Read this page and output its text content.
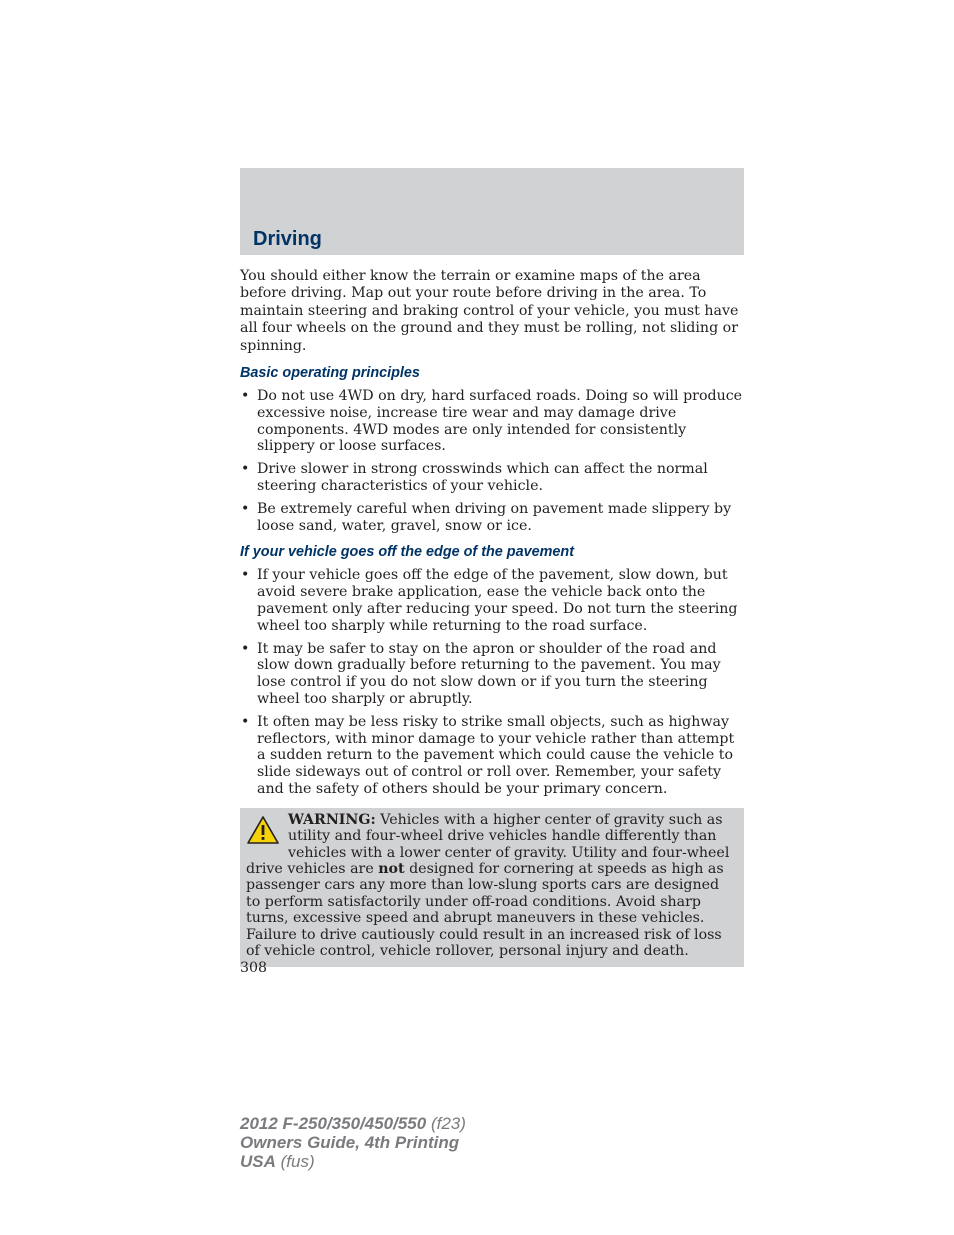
Driving

You should either know the terrain or examine maps of the area before driving. Map out your route before driving in the area. To maintain steering and braking control of your vehicle, you must have all four wheels on the ground and they must be rolling, not sliding or spinning.

Basic operating principles
• Do not use 4WD on dry, hard surfaced roads. Doing so will produce excessive noise, increase tire wear and may damage drive components. 4WD modes are only intended for consistently slippery or loose surfaces.
• Drive slower in strong crosswinds which can affect the normal steering characteristics of your vehicle.
• Be extremely careful when driving on pavement made slippery by loose sand, water, gravel, snow or ice.
If your vehicle goes off the edge of the pavement
• If your vehicle goes off the edge of the pavement, slow down, but avoid severe brake application, ease the vehicle back onto the pavement only after reducing your speed. Do not turn the steering wheel too sharply while returning to the road surface.
• It may be safer to stay on the apron or shoulder of the road and slow down gradually before returning to the pavement. You may lose control if you do not slow down or if you turn the steering wheel too sharply or abruptly.
• It often may be less risky to strike small objects, such as highway reflectors, with minor damage to your vehicle rather than attempt a sudden return to the pavement which could cause the vehicle to slide sideways out of control or roll over. Remember, your safety and the safety of others should be your primary concern.
WARNING: Vehicles with a higher center of gravity such as utility and four-wheel drive vehicles handle differently than vehicles with a lower center of gravity. Utility and four-wheel drive vehicles are not designed for cornering at speeds as high as passenger cars any more than low-slung sports cars are designed to perform satisfactorily under off-road conditions. Avoid sharp turns, excessive speed and abrupt maneuvers in these vehicles. Failure to drive cautiously could result in an increased risk of loss of vehicle control, vehicle rollover, personal injury and death.
308
2012 F-250/350/450/550 (f23)
Owners Guide, 4th Printing
USA (fus)
